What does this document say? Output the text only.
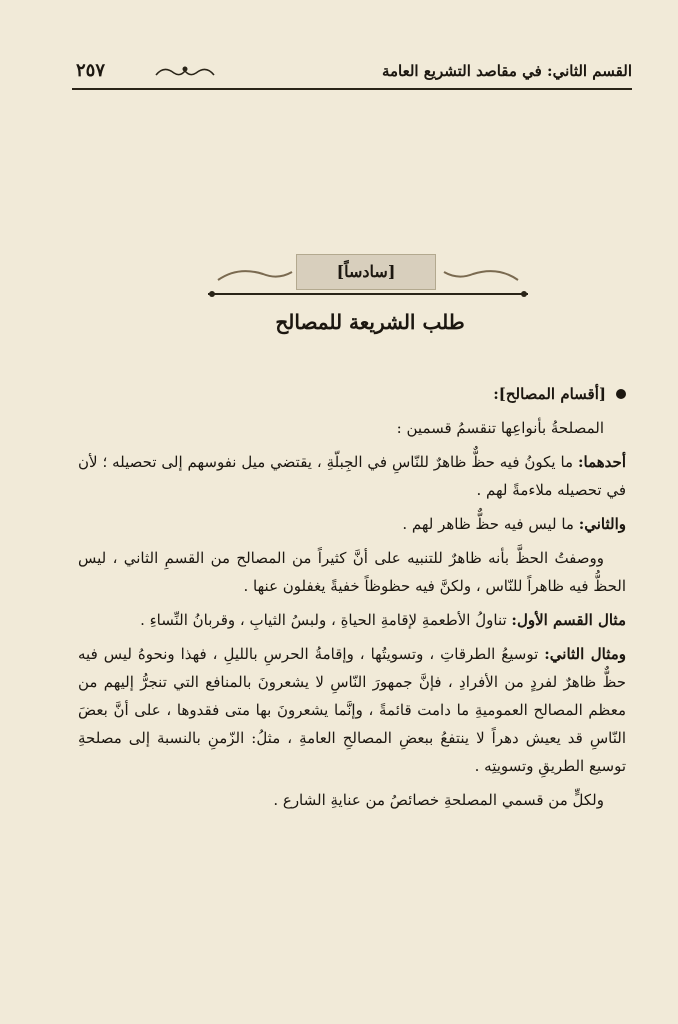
القسم الثاني: في مقاصد التشريع العامة
٢٥٧
[سادساً]
طلب الشريعة للمصالح

[أقسام المصالح]:

المصلحةُ بأنواعِها تنقسمُ قسمين :

أحدهما: ما يكونُ فيه حظٌّ ظاهرٌ للنّاسِ في الجِبلّةِ ، يقتضي ميل نفوسهم إلى تحصيله ؛ لأن في تحصيله ملاءمةً لهم .

والثاني: ما ليس فيه حظٌّ ظاهر لهم .

ووصفتُ الحظَّ بأنه ظاهرٌ للتنبيه على أنَّ كثيراً من المصالح من القسمِ الثاني ، ليس الحظُّ فيه ظاهراً للنّاس ، ولكنَّ فيه حظوظاً خفيةً يغفلون عنها .

مثال القسم الأول: تناولُ الأطعمةِ لإقامةِ الحياةِ ، ولبسُ الثيابِ ، وقربانُ النِّساءِ .

ومثال الثاني: توسيعُ الطرقاتِ ، وتسويتُها ، وإقامةُ الحرسِ بالليلِ ، فهذا ونحوهُ ليس فيه حظٌّ ظاهرٌ لفردٍ من الأفرادِ ، فإنَّ جمهورَ النّاسِ لا يشعرونَ بالمنافع التي تنجرُّ إليهم من معظم المصالح العموميةِ ما دامت قائمةً ، وإنَّما يشعرونَ بها متى فقدوها ، على أنَّ بعضَ النّاسِ قد يعيش دهراً لا ينتفعُ ببعضِ المصالحِ العامةِ ، مثلُ: الزّمنِ بالنسبة إلى مصلحةِ توسيع الطريقِ وتسويتِه .

ولكلٍّ من قسمي المصلحةِ خصائصُ من عنايةِ الشارع .
